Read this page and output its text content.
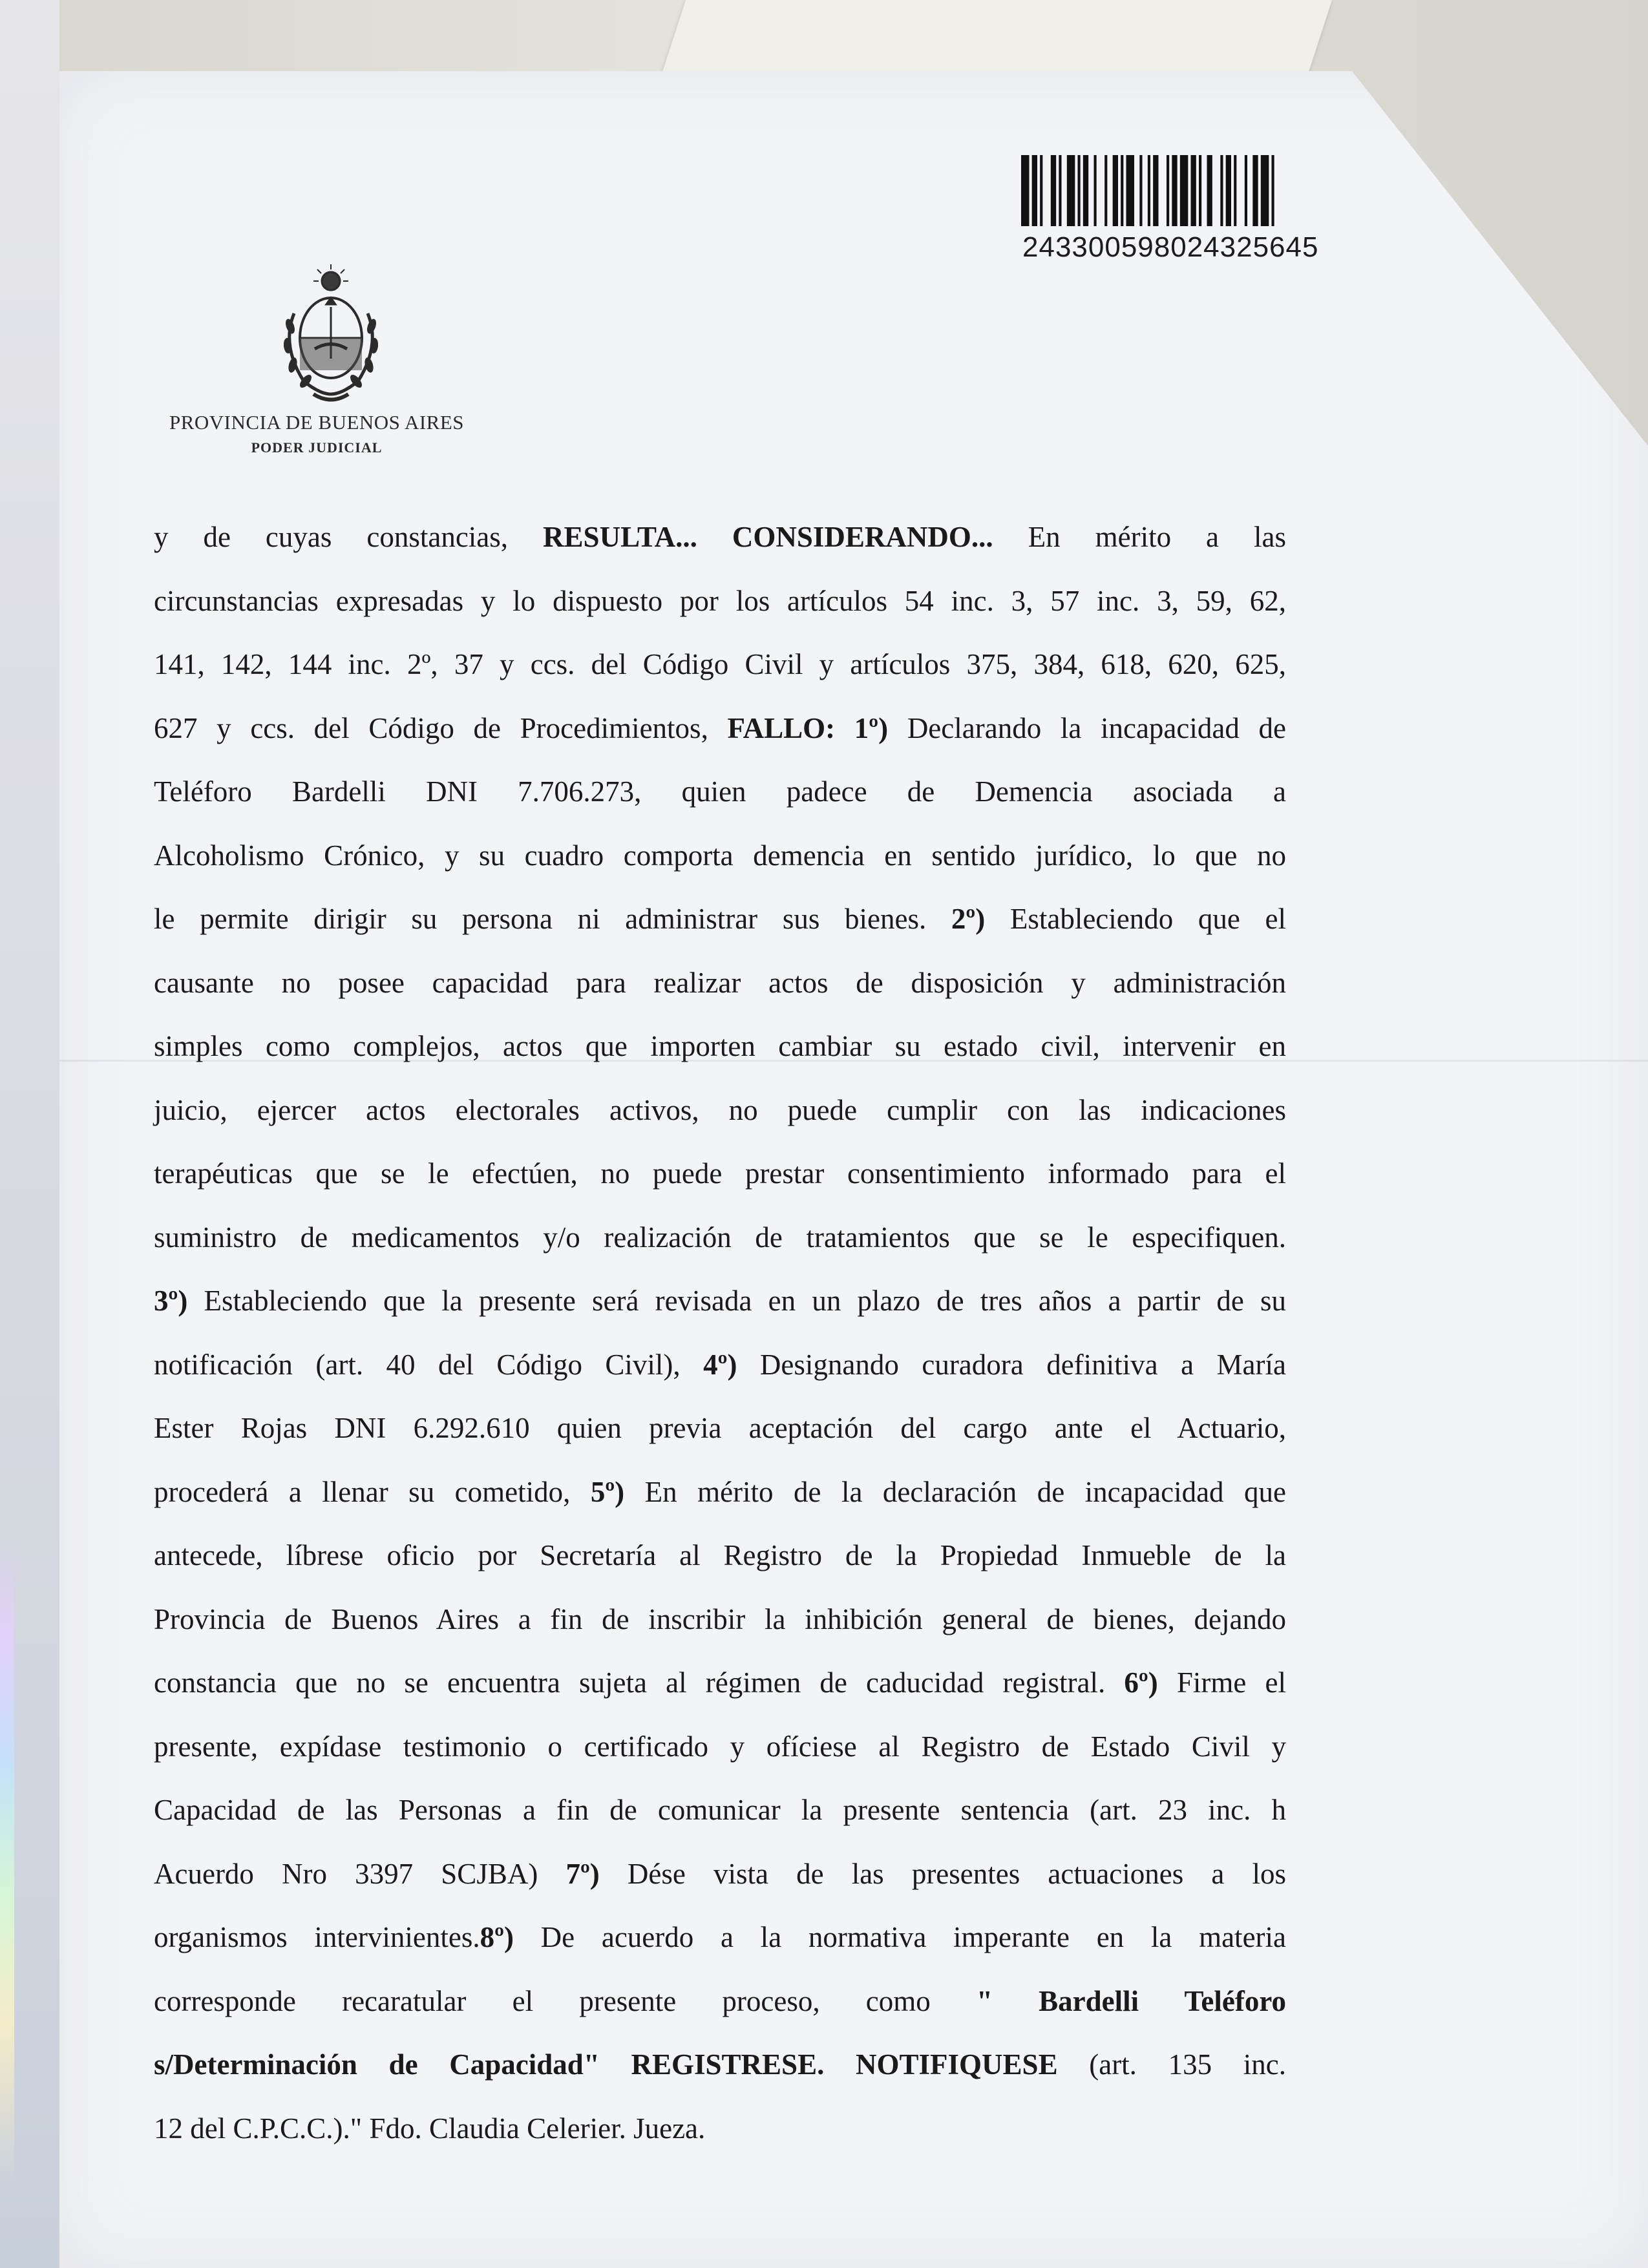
243300598024325645
PROVINCIA DE BUENOS AIRES
PODER JUDICIAL
y de cuyas constancias, RESULTA... CONSIDERANDO... En mérito a las
circunstancias expresadas y lo dispuesto por los artículos 54 inc. 3, 57 inc. 3, 59, 62,
141, 142, 144 inc. 2º, 37 y ccs. del Código Civil y artículos 375, 384, 618, 620, 625,
627 y ccs. del Código de Procedimientos, FALLO: 1º) Declarando la incapacidad de
Teléforo Bardelli DNI 7.706.273, quien padece de Demencia asociada a
Alcoholismo Crónico, y su cuadro comporta demencia en sentido jurídico, lo que no
le permite dirigir su persona ni administrar sus bienes. 2º) Estableciendo que el
causante no posee capacidad para realizar actos de disposición y administración
simples como complejos, actos que importen cambiar su estado civil, intervenir en
juicio, ejercer actos electorales activos, no puede cumplir con las indicaciones
terapéuticas que se le efectúen, no puede prestar consentimiento informado para el
suministro de medicamentos y/o realización de tratamientos que se le especifiquen.
3º) Estableciendo que la presente será revisada en un plazo de tres años a partir de su
notificación (art. 40 del Código Civil), 4º) Designando curadora definitiva a María
Ester Rojas DNI 6.292.610 quien previa aceptación del cargo ante el Actuario,
procederá a llenar su cometido, 5º) En mérito de la declaración de incapacidad que
antecede, líbrese oficio por Secretaría al Registro de la Propiedad Inmueble de la
Provincia de Buenos Aires a fin de inscribir la inhibición general de bienes, dejando
constancia que no se encuentra sujeta al régimen de caducidad registral. 6º) Firme el
presente, expídase testimonio o certificado y ofíciese al Registro de Estado Civil y
Capacidad de las Personas a fin de comunicar la presente sentencia (art. 23 inc. h
Acuerdo Nro 3397 SCJBA) 7º) Dése vista de las presentes actuaciones a los
organismos intervinientes.8º) De acuerdo a la normativa imperante en la materia
corresponde recaratular el presente proceso, como " Bardelli Teléforo
s/Determinación de Capacidad" REGISTRESE. NOTIFIQUESE (art. 135 inc.
12 del C.P.C.C.)." Fdo. Claudia Celerier. Jueza.
